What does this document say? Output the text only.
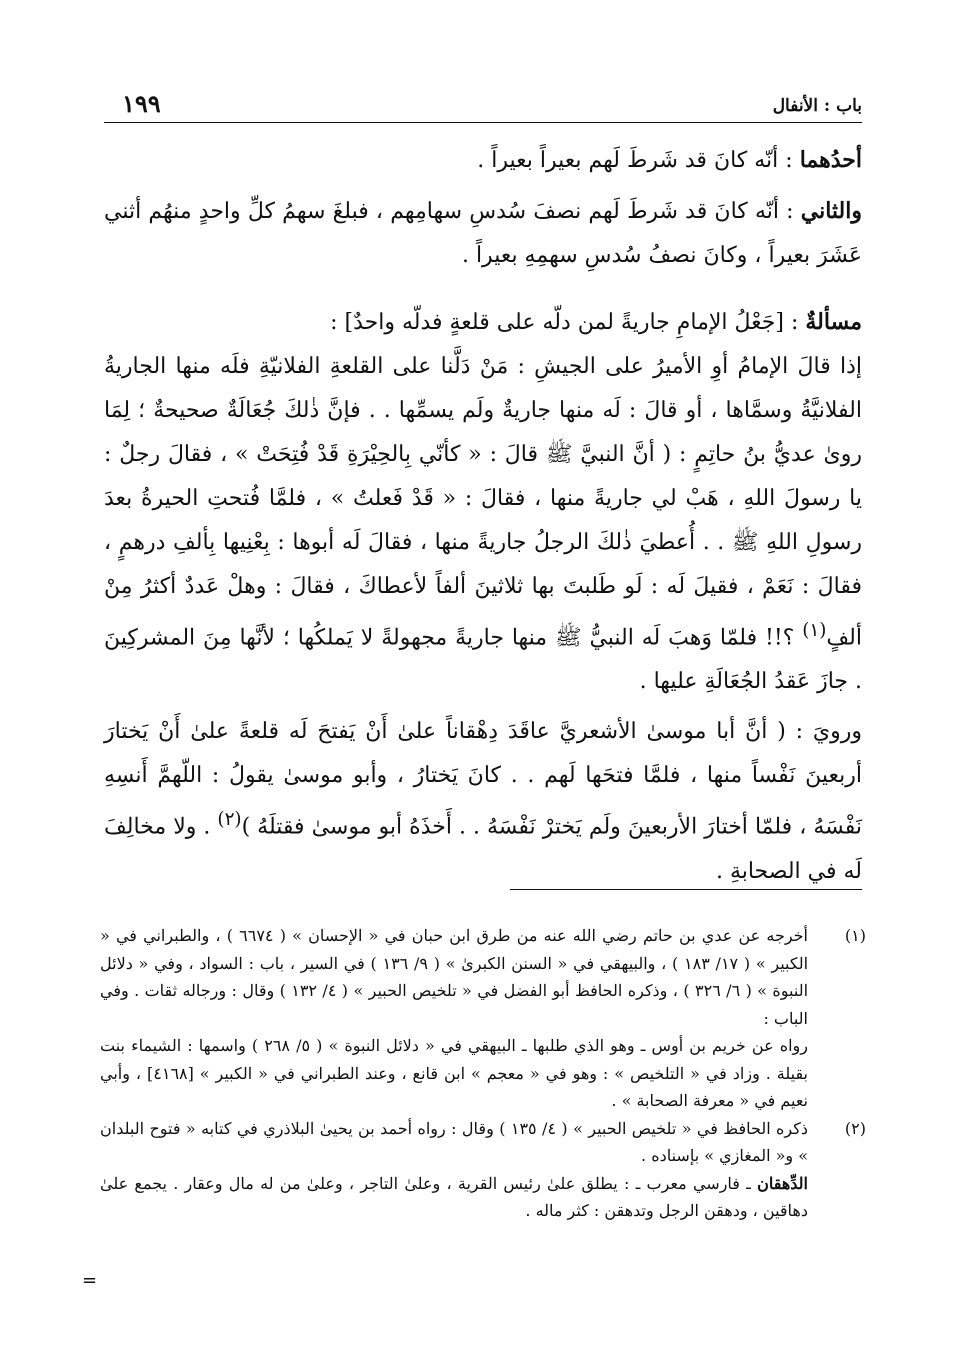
باب : الأنفال
١٩٩

أحدُهما : أنّه كانَ قد شَرطَ لَهم بعيراً بعيراً .

والثاني : أنّه كانَ قد شَرطَ لَهم نصفَ سُدسِ سهامِهم ، فبلغَ سهمُ كلِّ واحدٍ منهُم أثني عَشَرَ بعيراً ، وكانَ نصفُ سُدسِ سهمِهِ بعيراً .

مسألةٌ : [جَعْلُ الإمامِ جاريةً لمن دلّه على قلعةٍ فدلّه واحدٌ] :

إذا قالَ الإمامُ أوِ الأميرُ على الجيشِ : مَنْ دَلَّنا على القلعةِ الفلانيّةِ فلَه منها الجاريةُ الفلانيَّةُ وسمَّاها ، أو قالَ : لَه منها جاريةٌ ولَم يسمِّها . . فإنَّ ذٰلكَ جُعَالَةٌ صحيحةٌ ؛ لِمَا روىٰ عديُّ بنُ حاتِمٍ : ( أنَّ النبيَّ ﷺ قالَ : « كأنّي بِالحِيْرَةِ قَدْ فُتِحَتْ » ، فقالَ رجلٌ : يا رسولَ اللهِ ، هَبْ لي جاريةً منها ، فقالَ : « قَدْ فَعلتُ » ، فلمَّا فُتحتِ الحيرةُ بعدَ رسولِ اللهِ ﷺ . . أُعطيَ ذٰلكَ الرجلُ جاريةً منها ، فقالَ لَه أبوها : بِعْنِيها بِألفِ درهمٍ ، فقالَ : نَعَمْ ، فقيلَ لَه : لَو طَلبتَ بها ثلاثينَ ألفاً لأعطاكَ ، فقالَ : وهلْ عَددٌ أكثرُ مِنْ ألفٍ$^{(١)}$ ؟!! فلمّا وَهبَ لَه النبيُّ ﷺ منها جاريةً مجهولةً لا يَملكُها ؛ لأنَّها مِنَ المشركِينَ . جازَ عَقدُ الجُعَالَةِ عليها .

ورويَ : ( أنَّ أبا موسىٰ الأشعريَّ عاقَدَ دِهْقاناً علىٰ أَنْ يَفتحَ لَه قلعةً علىٰ أَنْ يَختارَ أربعينَ نَفْساً منها ، فلمَّا فتحَها لَهم . . كانَ يَختارُ ، وأبو موسىٰ يقولُ : اللّهمَّ أَنسِهِ نَفْسَهُ ، فلمّا أختارَ الأربعينَ ولَم يَخترْ نَفْسَهُ . . أَخذَهُ أبو موسىٰ فقتلَهُ )$^{(٢)}$ . ولا مخالِفَ لَه في الصحابةِ .

(١)

أخرجه عن عدي بن حاتم رضي الله عنه من طرق ابن حبان في « الإحسان » ( ٦٦٧٤ ) ، والطبراني في « الكبير » ( ١٧/ ١٨٣ ) ، والبيهقي في « السنن الكبرىٰ » ( ٩/ ١٣٦ ) في السير ، باب : السواد ، وفي « دلائل النبوة » ( ٦/ ٣٢٦ ) ، وذكره الحافظ أبو الفضل في « تلخيص الحبير » ( ٤/ ١٣٢ ) وقال : ورجاله ثقات . وفي الباب :

رواه عن خريم بن أوس ـ وهو الذي طلبها ـ البيهقي في « دلائل النبوة » ( ٥/ ٢٦٨ ) واسمها : الشيماء بنت بقيلة . وزاد في « التلخيص » : وهو في « معجم » ابن قانع ، وعند الطبراني في « الكبير » [٤١٦٨] ، وأبي نعيم في « معرفة الصحابة » .

(٢)

ذكره الحافظ في « تلخيص الحبير » ( ٤/ ١٣٥ ) وقال : رواه أحمد بن يحيىٰ البلاذري في كتابه « فتوح البلدان » و« المغازي » بإسناده .

الدِّهقان ـ فارسي معرب ـ : يطلق علىٰ رئيس القرية ، وعلىٰ التاجر ، وعلىٰ من له مال وعقار . يجمع علىٰ دهاقين ، ودهقن الرجل وتدهقن : كثر ماله .

=
